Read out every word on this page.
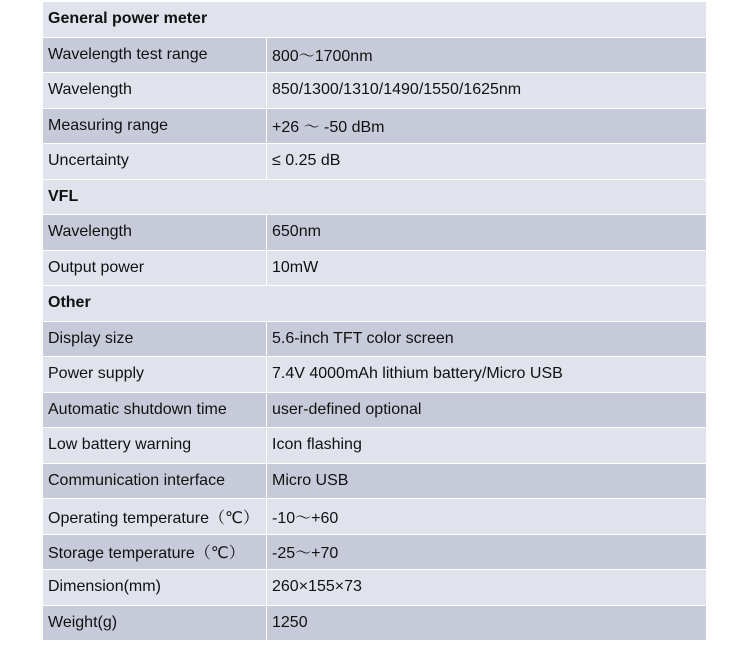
General power meter
Wavelength test range	800～1700nm
Wavelength	850/1300/1310/1490/1550/1625nm
Measuring range	+26 ～ -50 dBm
Uncertainty	≤ 0.25 dB
VFL
Wavelength	650nm
Output power	10mW
Other
Display size	5.6-inch TFT color screen
Power supply	7.4V 4000mAh lithium battery/Micro USB
Automatic shutdown time	user-defined optional
Low battery warning	Icon flashing
Communication interface	Micro USB
Operating temperature（℃） -10～+60
Storage temperature（℃）	-25～+70
Dimension(mm)	260×155×73
Weight(g)	1250
